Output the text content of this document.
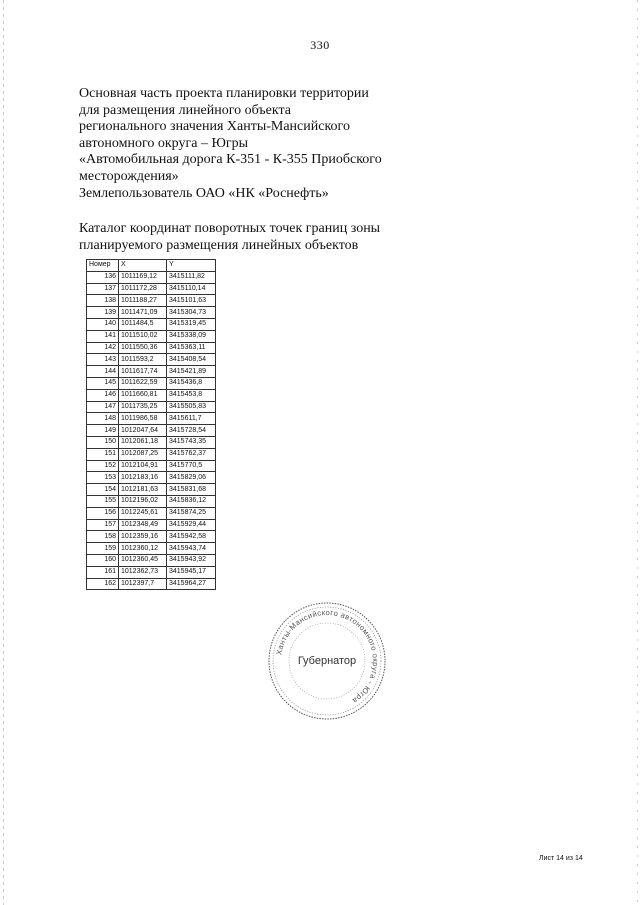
330
Основная часть проекта планировки территории
для размещения линейного объекта
регионального значения Ханты-Мансийского
автономного округа – Югры
«Автомобильная дорога К-351 - К-355 Приобского
месторождения»
Землепользователь ОАО «НК «Роснефть»
Каталог координат поворотных точек границ зоны
планируемого размещения линейных объектов
Номер	X	Y
136	1011169,12	3415111,82
137	1011172,28	3415110,14
138	1011188,27	3415101,63
139	1011471,09	3415304,73
140	1011484,5	3415319,45
141	1011510,02	3415338,09
142	1011550,36	3415363,11
143	1011593,2	3415408,54
144	1011617,74	3415421,89
145	1011622,59	3415436,8
146	1011660,81	3415453,8
147	1011735,25	3415505,83
148	1011986,58	3415611,7
149	1012047,64	3415728,54
150	1012061,18	3415743,35
151	1012087,25	3415762,37
152	1012104,91	3415770,5
153	1012183,16	3415829,06
154	1012181,63	3415831,68
155	1012196,02	3415836,12
156	1012245,61	3415874,25
157	1012348,49	3415929,44
158	1012359,16	3415942,58
159	1012360,12	3415943,74
160	1012360,45	3415943,92
161	1012362,73	3415945,17
162	1012397,7	3415964,27
Ханты-Мансийского автономного округа - Югра
Губернатор
Лист 14 из 14
